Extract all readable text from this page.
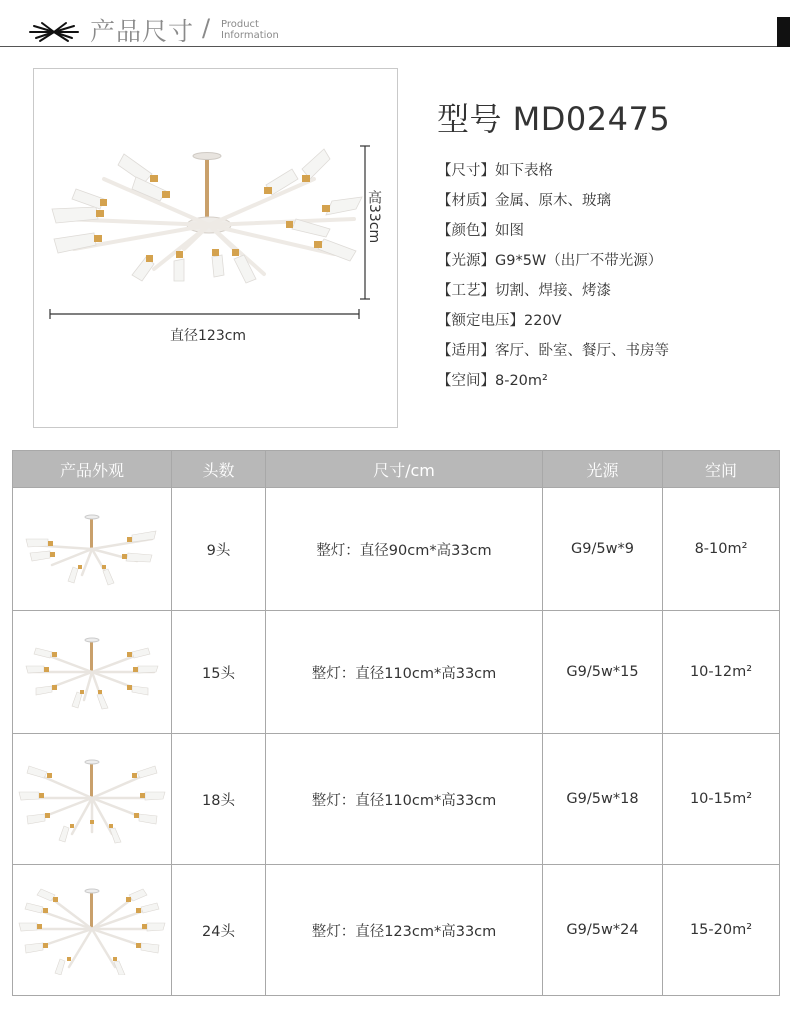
产品尺寸 / Product
Information
高33cm
直径123cm
型号 MD02475
【尺寸】如下表格
【材质】金属、原木、玻璃
【颜色】如图
【光源】G9*5W（出厂不带光源）
【工艺】切割、焊接、烤漆
【额定电压】220V
【适用】客厅、卧室、餐厅、书房等
【空间】8-20m²
产品外观	头数	尺寸/cm	光源	空间

	9头	整灯：直径90cm*高33cm	G9/5w*9	8-10m²

	15头	整灯：直径110cm*高33cm	G9/5w*15	10-12m²

	18头	整灯：直径110cm*高33cm	G9/5w*18	10-15m²

	24头	整灯：直径123cm*高33cm	G9/5w*24	15-20m²
